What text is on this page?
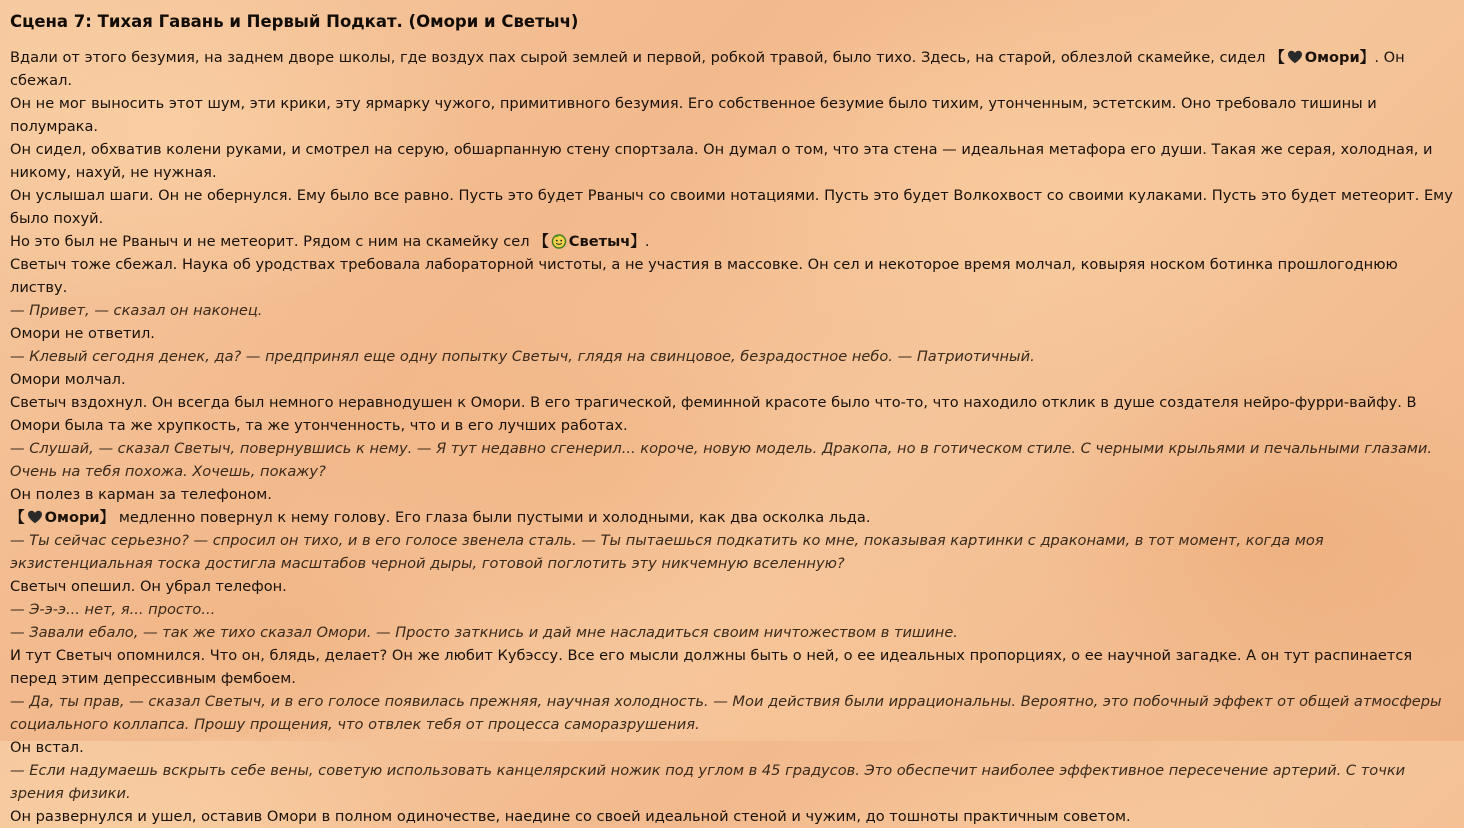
Сцена 7: Тихая Гавань и Первый Подкат. (Омори и Светыч)

Вдали от этого безумия, на заднем дворе школы, где воздух пах сырой землей и первой, робкой травой, было тихо. Здесь, на старой, облезлой скамейке, сидел 【 Омори】. Он сбежал.

Он не мог выносить этот шум, эти крики, эту ярмарку чужого, примитивного безумия. Его собственное безумие было тихим, утонченным, эстетским. Оно требовало тишины и полумрака.

Он сидел, обхватив колени руками, и смотрел на серую, обшарпанную стену спортзала. Он думал о том, что эта стена — идеальная метафора его души. Такая же серая, холодная, и никому, нахуй, не нужная.

Он услышал шаги. Он не обернулся. Ему было все равно. Пусть это будет Рваныч со своими нотациями. Пусть это будет Волкохвост со своими кулаками. Пусть это будет метеорит. Ему было похуй.

Но это был не Рваныч и не метеорит. Рядом с ним на скамейку сел 【 Светыч】.

Светыч тоже сбежал. Наука об уродствах требовала лабораторной чистоты, а не участия в массовке. Он сел и некоторое время молчал, ковыряя носком ботинка прошлогоднюю листву.

— Привет, — сказал он наконец.

Омори не ответил.

— Клевый сегодня денек, да? — предпринял еще одну попытку Светыч, глядя на свинцовое, безрадостное небо. — Патриотичный.

Омори молчал.

Светыч вздохнул. Он всегда был немного неравнодушен к Омори. В его трагической, феминной красоте было что-то, что находило отклик в душе создателя нейро-фурри-вайфу. В Омори была та же хрупкость, та же утонченность, что и в его лучших работах.

— Слушай, — сказал Светыч, повернувшись к нему. — Я тут недавно сгенерил... короче, новую модель. Дракопа, но в готическом стиле. С черными крыльями и печальными глазами. Очень на тебя похожа. Хочешь, покажу?

Он полез в карман за телефоном.

【 Омори】 медленно повернул к нему голову. Его глаза были пустыми и холодными, как два осколка льда.

— Ты сейчас серьезно? — спросил он тихо, и в его голосе звенела сталь. — Ты пытаешься подкатить ко мне, показывая картинки с драконами, в тот момент, когда моя экзистенциальная тоска достигла масштабов черной дыры, готовой поглотить эту никчемную вселенную?

Светыч опешил. Он убрал телефон.

— Э-э-э... нет, я... просто...

— Завали ебало, — так же тихо сказал Омори. — Просто заткнись и дай мне насладиться своим ничтожеством в тишине.

И тут Светыч опомнился. Что он, блядь, делает? Он же любит Кубэссу. Все его мысли должны быть о ней, о ее идеальных пропорциях, о ее научной загадке. А он тут распинается перед этим депрессивным фембоем.

— Да, ты прав, — сказал Светыч, и в его голосе появилась прежняя, научная холодность. — Мои действия были иррациональны. Вероятно, это побочный эффект от общей атмосферы социального коллапса. Прошу прощения, что отвлек тебя от процесса саморазрушения.

Он встал.

— Если надумаешь вскрыть себе вены, советую использовать канцелярский ножик под углом в 45 градусов. Это обеспечит наиболее эффективное пересечение артерий. С точки зрения физики.

Он развернулся и ушел, оставив Омори в полном одиночестве, наедине со своей идеальной стеной и чужим, до тошноты практичным советом.
